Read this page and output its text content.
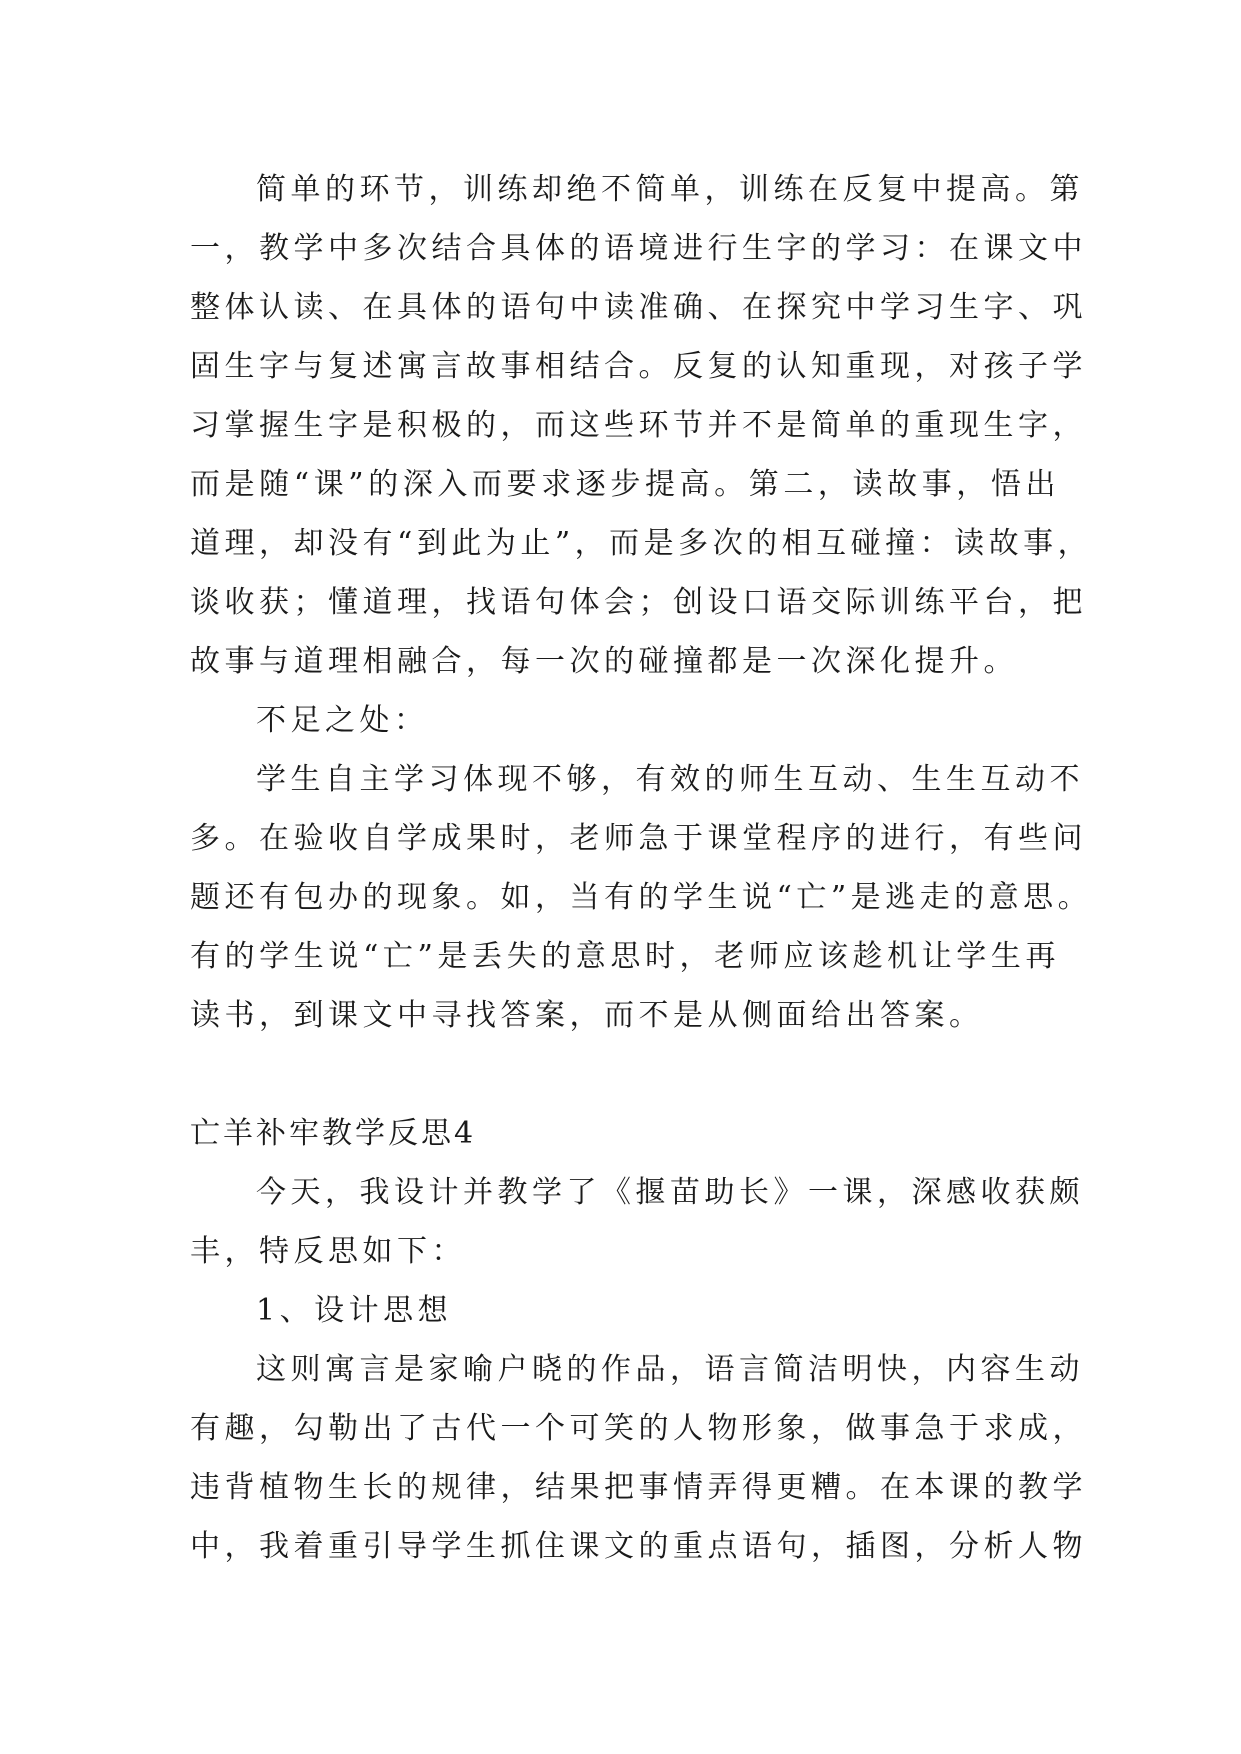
简单的环节，训练却绝不简单，训练在反复中提高。第
一，教学中多次结合具体的语境进行生字的学习：在课文中
整体认读、在具体的语句中读准确、在探究中学习生字、巩
固生字与复述寓言故事相结合。反复的认知重现，对孩子学
习掌握生字是积极的，而这些环节并不是简单的重现生字，
而是随“课”的深入而要求逐步提高。第二，读故事，悟出
道理，却没有“到此为止”，而是多次的相互碰撞：读故事，
谈收获；懂道理，找语句体会；创设口语交际训练平台，把
故事与道理相融合，每一次的碰撞都是一次深化提升。
不足之处：
学生自主学习体现不够，有效的师生互动、生生互动不
多。在验收自学成果时，老师急于课堂程序的进行，有些问
题还有包办的现象。如，当有的学生说“亡”是逃走的意思。
有的学生说“亡”是丢失的意思时，老师应该趁机让学生再
读书，到课文中寻找答案，而不是从侧面给出答案。
亡羊补牢教学反思4
今天，我设计并教学了《揠苗助长》一课，深感收获颇
丰，特反思如下：
1、设计思想
这则寓言是家喻户晓的作品，语言简洁明快，内容生动
有趣，勾勒出了古代一个可笑的人物形象，做事急于求成，
违背植物生长的规律，结果把事情弄得更糟。在本课的教学
中，我着重引导学生抓住课文的重点语句，插图，分析人物
